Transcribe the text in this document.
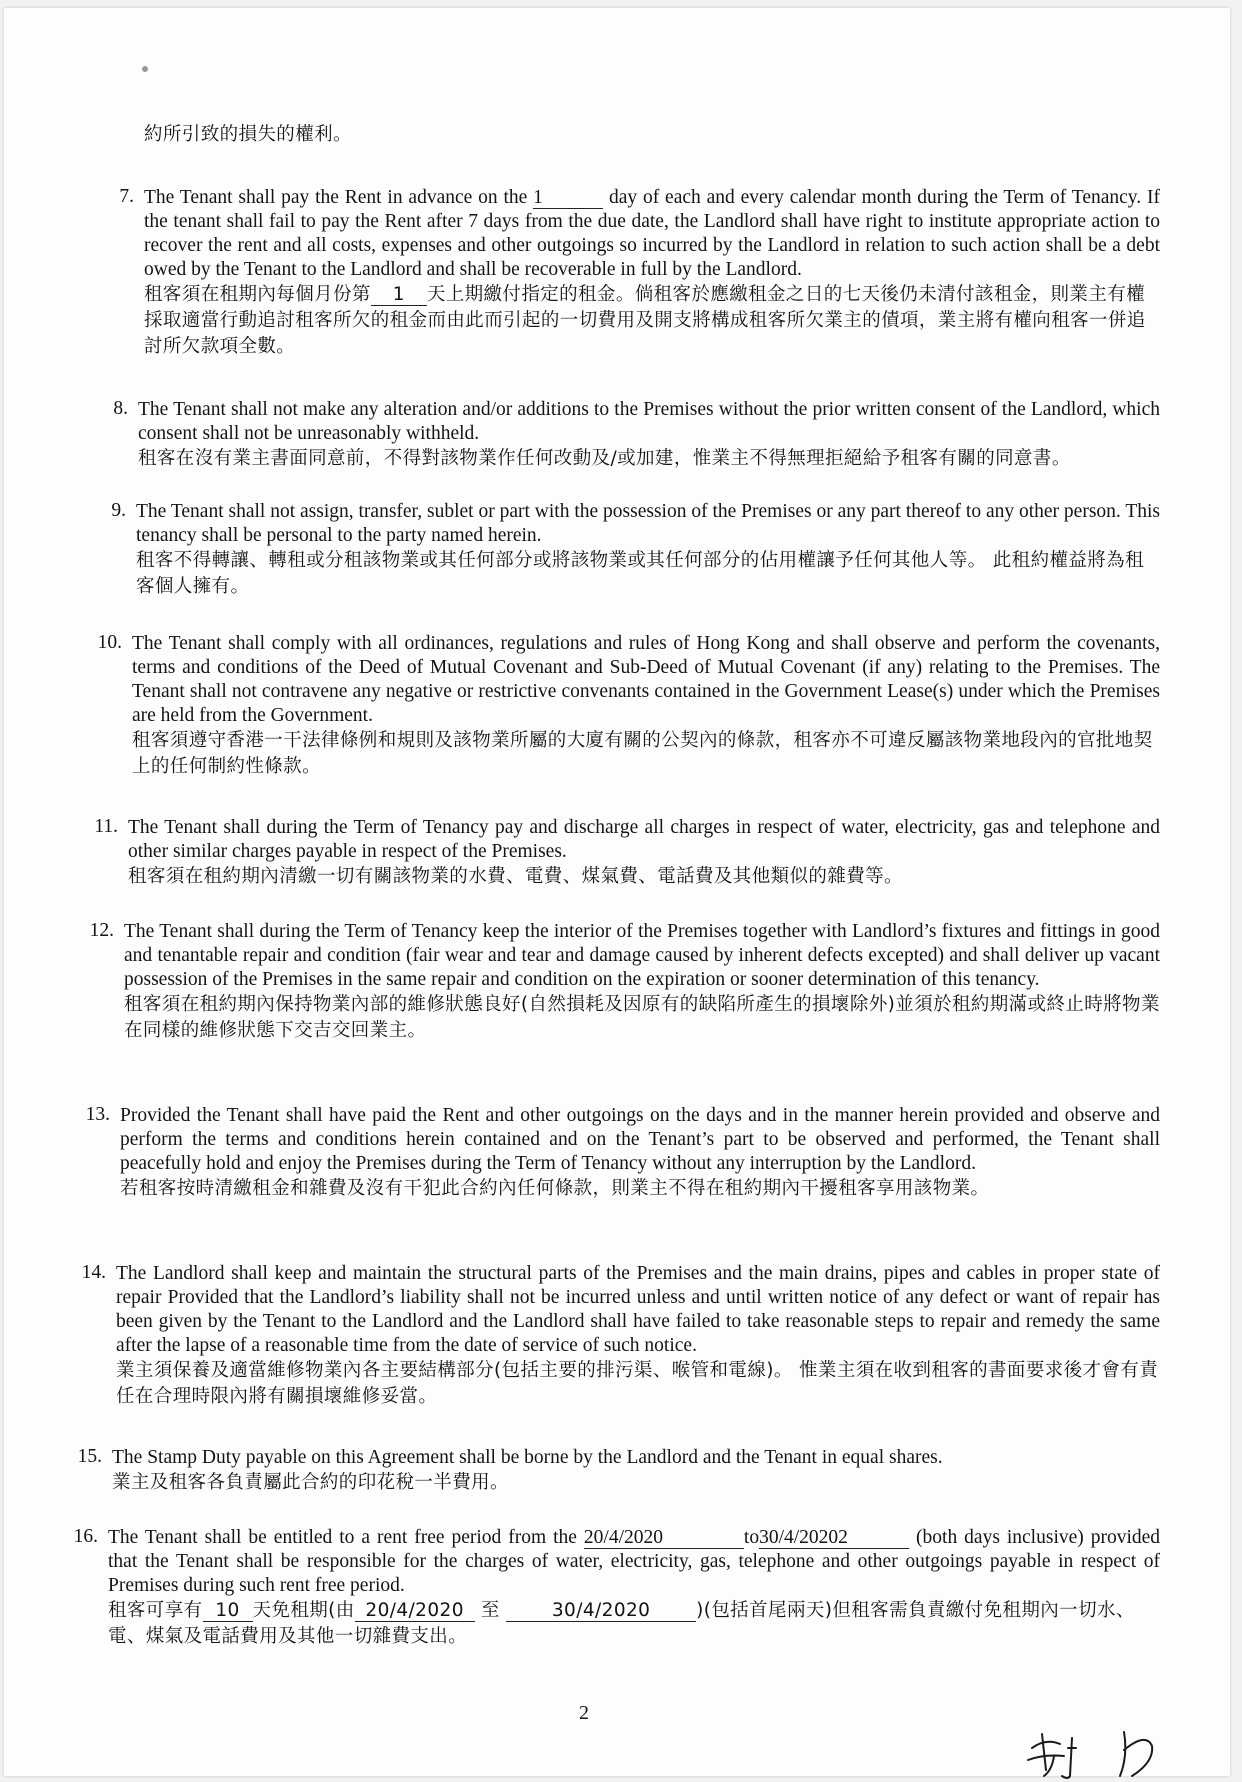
約所引致的損失的權利。
7. The Tenant shall pay the Rent in advance on the 1	day of each and every calendar month during the Term of Tenancy. If the tenant shall fail to pay the Rent after 7 days from the due date, the Landlord shall have right to institute appropriate action to recover the rent and all costs, expenses and other outgoings so incurred by the Landlord in relation to such action shall be a debt owed by the Tenant to the Landlord and shall be recoverable in full by the Landlord.
租客須在租期內每個月份第 1 天上期繳付指定的租金。倘租客於應繳租金之日的七天後仍未清付該租金，則業主有權採取適當行動追討租客所欠的租金而由此而引起的一切費用及開支將構成租客所欠業主的債項，業主將有權向租客一併追討所欠款項全數。
8. The Tenant shall not make any alteration and/or additions to the Premises without the prior written consent of the Landlord, which consent shall not be unreasonably withheld.
租客在沒有業主書面同意前，不得對該物業作任何改動及/或加建，惟業主不得無理拒絕給予租客有關的同意書。
9. The Tenant shall not assign, transfer, sublet or part with the possession of the Premises or any part thereof to any other person. This tenancy shall be personal to the party named herein.
租客不得轉讓、轉租或分租該物業或其任何部分或將該物業或其任何部分的佔用權讓予任何其他人等。 此租約權益將為租客個人擁有。
10. The Tenant shall comply with all ordinances, regulations and rules of Hong Kong and shall observe and perform the covenants, terms and conditions of the Deed of Mutual Covenant and Sub-Deed of Mutual Covenant (if any) relating to the Premises. The Tenant shall not contravene any negative or restrictive convenants contained in the Government Lease(s) under which the Premises are held from the Government.
租客須遵守香港一干法律條例和規則及該物業所屬的大廈有關的公契內的條款，租客亦不可違反屬該物業地段內的官批地契上的任何制約性條款。
11. The Tenant shall during the Term of Tenancy pay and discharge all charges in respect of water, electricity, gas and telephone and other similar charges payable in respect of the Premises.
租客須在租約期內清繳一切有關該物業的水費、電費、煤氣費、電話費及其他類似的雜費等。
12. The Tenant shall during the Term of Tenancy keep the interior of the Premises together with Landlord’s fixtures and fittings in good and tenantable repair and condition (fair wear and tear and damage caused by inherent defects excepted) and shall deliver up vacant possession of the Premises in the same repair and condition on the expiration or sooner determination of this tenancy.
租客須在租約期內保持物業內部的維修狀態良好(自然損耗及因原有的缺陷所產生的損壞除外)並須於租約期滿或終止時將物業在同樣的維修狀態下交吉交回業主。
13. Provided the Tenant shall have paid the Rent and other outgoings on the days and in the manner herein provided and observe and perform the terms and conditions herein contained and on the Tenant’s part to be observed and performed, the Tenant shall peacefully hold and enjoy the Premises during the Term of Tenancy without any interruption by the Landlord.
若租客按時清繳租金和雜費及沒有干犯此合約內任何條款，則業主不得在租約期內干擾租客享用該物業。
14. The Landlord shall keep and maintain the structural parts of the Premises and the main drains, pipes and cables in proper state of repair Provided that the Landlord’s liability shall not be incurred unless and until written notice of any defect or want of repair has been given by the Tenant to the Landlord and the Landlord shall have failed to take reasonable steps to repair and remedy the same after the lapse of a reasonable time from the date of service of such notice.
業主須保養及適當維修物業內各主要結構部分(包括主要的排污渠、喉管和電線)。 惟業主須在收到租客的書面要求後才會有責任在合理時限內將有關損壞維修妥當。
15. The Stamp Duty payable on this Agreement shall be borne by the Landlord and the Tenant in equal shares.
業主及租客各負責屬此合約的印花稅一半費用。
16. The Tenant shall be entitled to a rent free period from the 20/4/2020	to30/4/20202	(both days inclusive) provided that the Tenant shall be responsible for the charges of water, electricity, gas, telephone and other outgoings payable in respect of Premises during such rent free period.
租客可享有 10 天免租期(由 20/4/2020 至	30/4/2020 )(包括首尾兩天)但租客需負責繳付免租期內一切水、電、煤氣及電話費用及其他一切雜費支出。
2
